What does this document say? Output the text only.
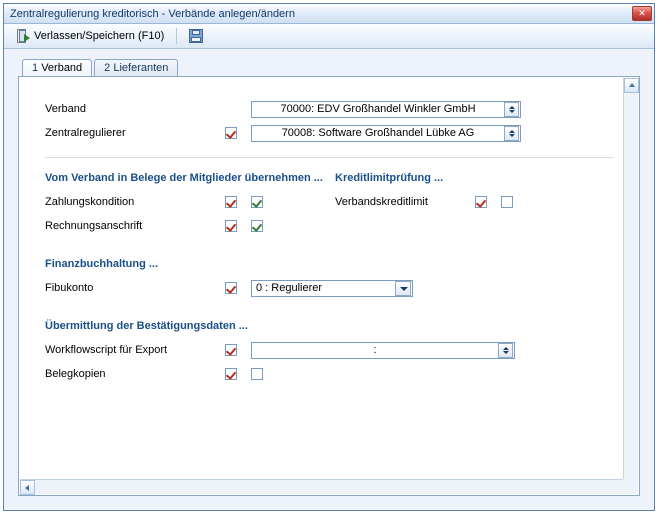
Zentralregulierung kreditorisch - Verbände anlegen/ändern	✕
Verlassen/Speichern (F10)
1 Verband	2 Lieferanten
Verband	70000: EDV Großhandel Winkler GmbH
Zentralregulierer	70008: Software Großhandel Lübke AG
Vom Verband in Belege der Mitglieder übernehmen ...
Zahlungskondition
Rechnungsanschrift
Kreditlimitprüfung ...
Verbandskreditlimit
Finanzbuchhaltung ...
Fibukonto	0 : Regulierer
Übermittlung der Bestätigungsdaten ...
Workflowscript für Export	:
Belegkopien
